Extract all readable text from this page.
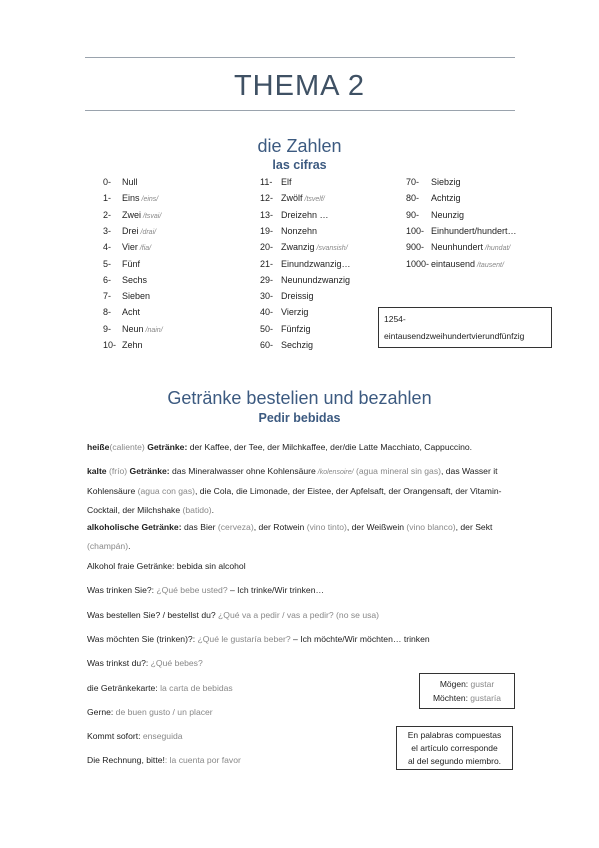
THEMA 2
die Zahlen
las cifras
0- Null
1- Eins /eins/
2- Zwei /tsvai/
3- Drei /drai/
4- Vier /fia/
5- Fünf
6- Sechs
7- Sieben
8- Acht
9- Neun /nain/
10- Zehn
11- Elf
12- Zwölf /tsvelf/
13- Dreizehn …
19- Nonzehn
20- Zwanzig /svansish/
21- Einundzwanzig…
29- Neunundzwanzig
30- Dreissig
40- Vierzig
50- Fünfzig
60- Sechzig
70- Siebzig
80- Achtzig
90- Neunzig
100- Einhundert/hundert…
900- Neunhundert /hundat/
1000- eintausend /tausent/
1254-
eintausendzweihundertvierundfünfzig
Getränke bestelien und bezahlen
Pedir bebidas
heiße(caliente) Getränke: der Kaffee, der Tee, der Milchkaffee, der/die Latte Macchiato, Cappuccino.
kalte (frío) Getränke: das Mineralwasser ohne Kohlensäure /kolensoire/ (agua mineral sin gas), das Wasser it Kohlensäure (agua con gas), die Cola, die Limonade, der Eistee, der Apfelsaft, der Orangensaft, der Vitamin-Cocktail, der Milchshake (batido).
alkoholische Getränke: das Bier (cerveza), der Rotwein (vino tinto), der Weißwein (vino blanco), der Sekt (champán).
Alkohol fraie Getränke: bebida sin alcohol
Was trinken Sie?: ¿Qué bebe usted? – Ich trinke/Wir trinken…
Was bestellen Sie? / bestellst du? ¿Qué va a pedir / vas a pedir? (no se usa)
Was möchten Sie (trinken)?: ¿Qué le gustaría beber? – Ich möchte/Wir möchten… trinken
Was trinkst du?: ¿Qué bebes?
die Getränkekarte: la carta de bebidas
Gerne: de buen gusto / un placer
Kommt sofort: enseguida
Die Rechnung, bitte!: la cuenta por favor
Mögen: gustar
Möchten: gustaría
En palabras compuestas
el artículo corresponde
al del segundo miembro.
